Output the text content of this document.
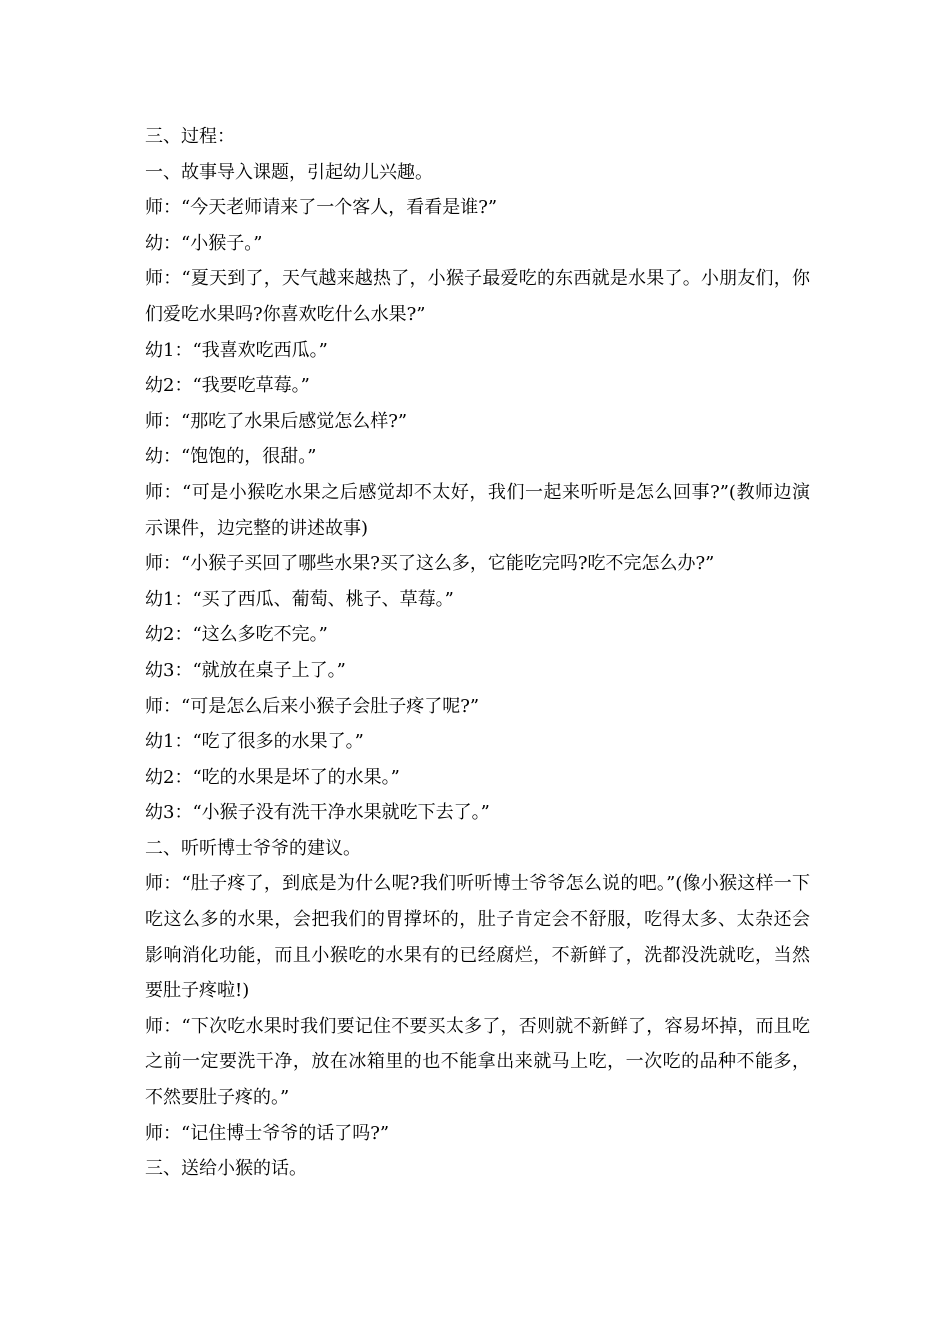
三、过程：

一、故事导入课题，引起幼儿兴趣。

师：“今天老师请来了一个客人，看看是谁?”

幼：“小猴子。”

师：“夏天到了，天气越来越热了，小猴子最爱吃的东西就是水果了。小朋友们，你们爱吃水果吗?你喜欢吃什么水果?”

幼1：“我喜欢吃西瓜。”

幼2：“我要吃草莓。”

师：“那吃了水果后感觉怎么样?”

幼：“饱饱的，很甜。”

师：“可是小猴吃水果之后感觉却不太好，我们一起来听听是怎么回事?”(教师边演示课件，边完整的讲述故事)

师：“小猴子买回了哪些水果?买了这么多，它能吃完吗?吃不完怎么办?”

幼1：“买了西瓜、葡萄、桃子、草莓。”

幼2：“这么多吃不完。”

幼3：“就放在桌子上了。”

师：“可是怎么后来小猴子会肚子疼了呢?”

幼1：“吃了很多的水果了。”

幼2：“吃的水果是坏了的水果。”

幼3：“小猴子没有洗干净水果就吃下去了。”

二、听听博士爷爷的建议。

师：“肚子疼了，到底是为什么呢?我们听听博士爷爷怎么说的吧。”(像小猴这样一下吃这么多的水果，会把我们的胃撑坏的，肚子肯定会不舒服，吃得太多、太杂还会影响消化功能，而且小猴吃的水果有的已经腐烂，不新鲜了，洗都没洗就吃，当然要肚子疼啦!)

师：“下次吃水果时我们要记住不要买太多了，否则就不新鲜了，容易坏掉，而且吃之前一定要洗干净，放在冰箱里的也不能拿出来就马上吃，一次吃的品种不能多，不然要肚子疼的。”

师：“记住博士爷爷的话了吗?”

三、送给小猴的话。
